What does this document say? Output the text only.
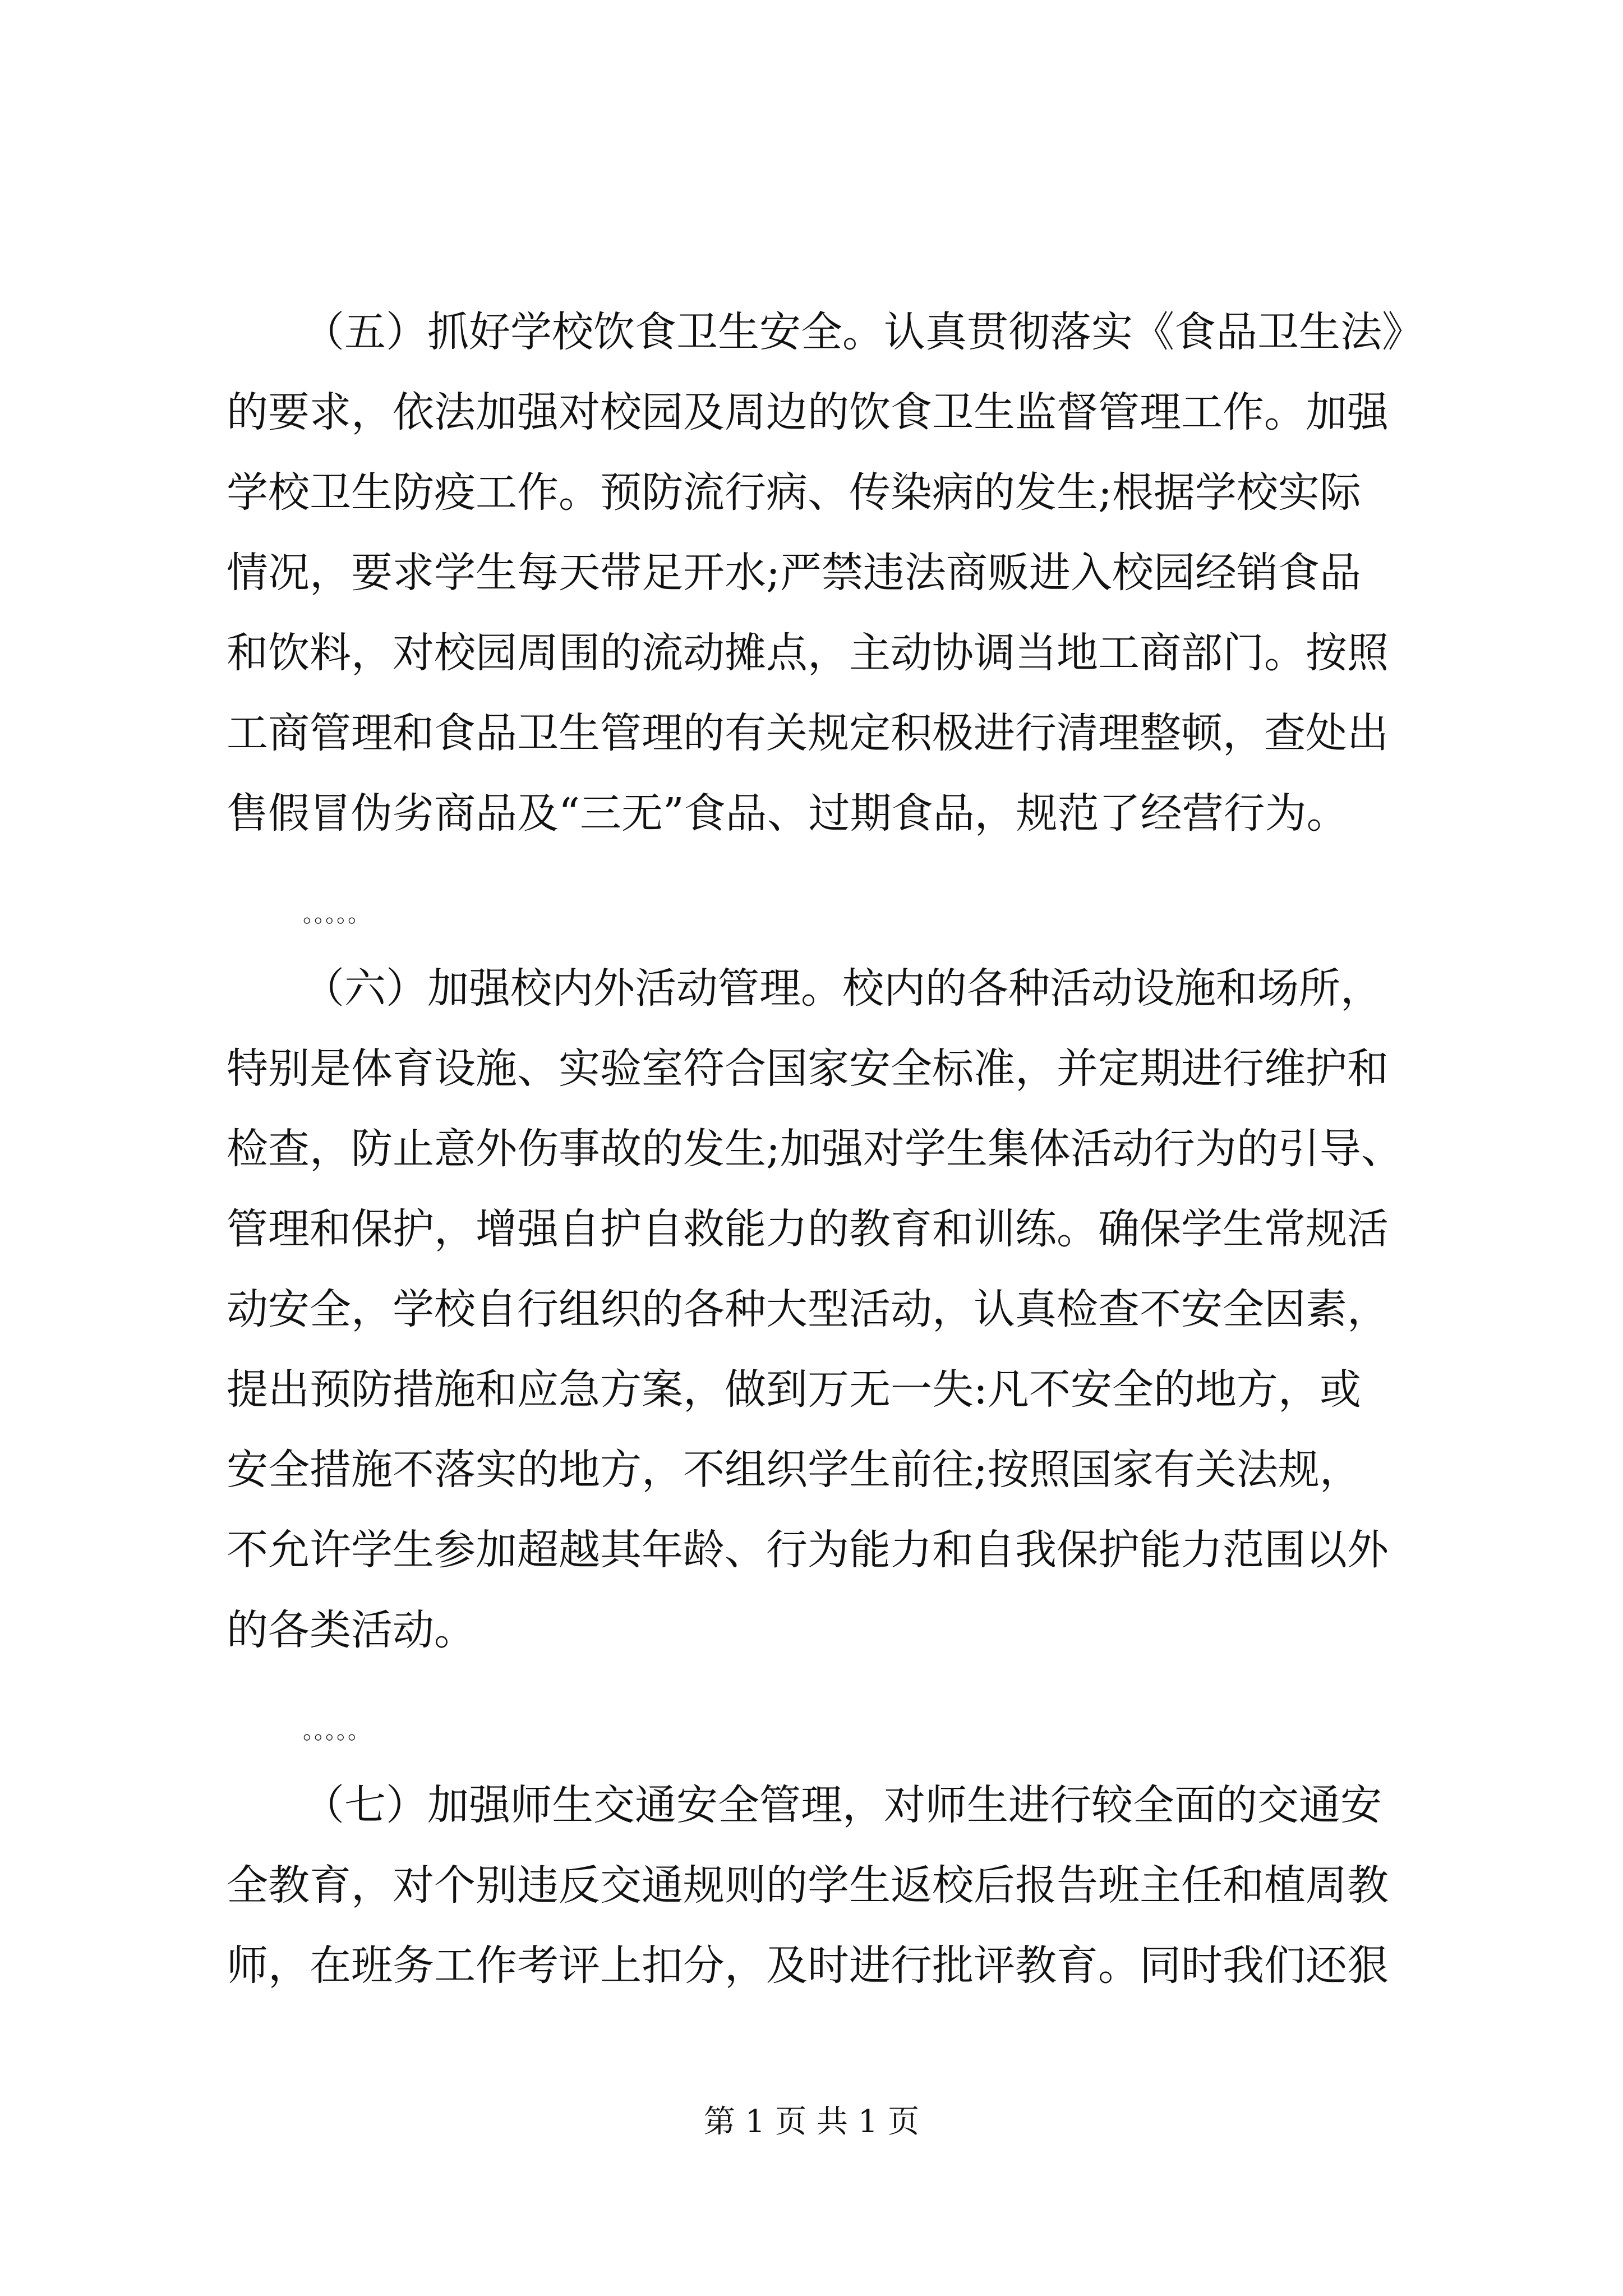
（五）抓好学校饮食卫生安全。认真贯彻落实《食品卫生法》
的要求，依法加强对校园及周边的饮食卫生监督管理工作。加强
学校卫生防疫工作。预防流行病、传染病的发生;根据学校实际
情况，要求学生每天带足开水;严禁违法商贩进入校园经销食品
和饮料，对校园周围的流动摊点，主动协调当地工商部门。按照
工商管理和食品卫生管理的有关规定积极进行清理整顿，查处出
售假冒伪劣商品及“三无”食品、过期食品，规范了经营行为。
。。。。。
（六）加强校内外活动管理。校内的各种活动设施和场所，
特别是体育设施、实验室符合国家安全标准，并定期进行维护和
检查，防止意外伤事故的发生;加强对学生集体活动行为的引导、
管理和保护，增强自护自救能力的教育和训练。确保学生常规活
动安全，学校自行组织的各种大型活动，认真检查不安全因素，
提出预防措施和应急方案，做到万无一失:凡不安全的地方，或
安全措施不落实的地方，不组织学生前往;按照国家有关法规，
不允许学生参加超越其年龄、行为能力和自我保护能力范围以外
的各类活动。
。。。。。
（七）加强师生交通安全管理，对师生进行较全面的交通安
全教育，对个别违反交通规则的学生返校后报告班主任和植周教
师，在班务工作考评上扣分，及时进行批评教育。同时我们还狠
第 1 页 共 1 页
